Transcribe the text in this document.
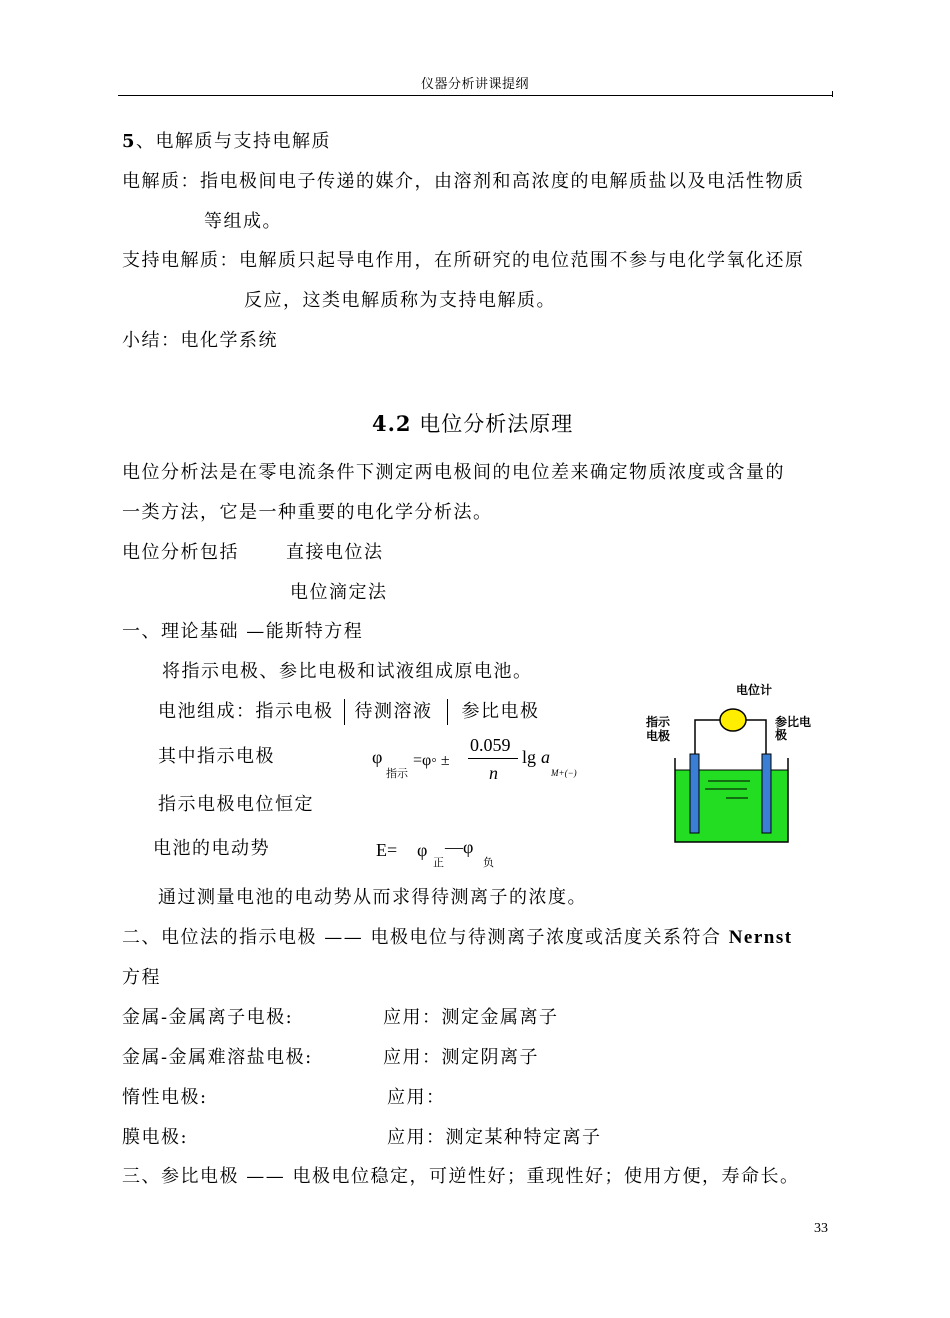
仪器分析讲课提纲
5、电解质与支持电解质
电解质：指电极间电子传递的媒介，由溶剂和高浓度的电解质盐以及电活性物质
等组成。
支持电解质：电解质只起导电作用，在所研究的电位范围不参与电化学氧化还原
反应，这类电解质称为支持电解质。
小结：电化学系统
4.2 电位分析法原理
电位分析法是在零电流条件下测定两电极间的电位差来确定物质浓度或含量的
一类方法，它是一种重要的电化学分析法。
电位分析包括	直接电位法
电位滴定法
一、理论基础 —能斯特方程
将指示电极、参比电极和试液组成原电池。
电池组成：指示电极 待测溶液 参比电极
其中指示电极	φ
指示
=φ◦ ±
0.059
n
lg a
M+(−)
指示电极电位恒定
电池的电动势	E= φ
正
—φ
负
通过测量电池的电动势从而求得待测离子的浓度。
电位计
指示
电极
参比电
极
二、电位法的指示电极 —— 电极电位与待测离子浓度或活度关系符合 Nernst
方程
金属-金属离子电极:	应用：测定金属离子
金属-金属难溶盐电极:	应用：测定阴离子
惰性电极:	应用：
膜电极:	应用：测定某种特定离子
三、参比电极 —— 电极电位稳定，可逆性好；重现性好；使用方便，寿命长。
33
